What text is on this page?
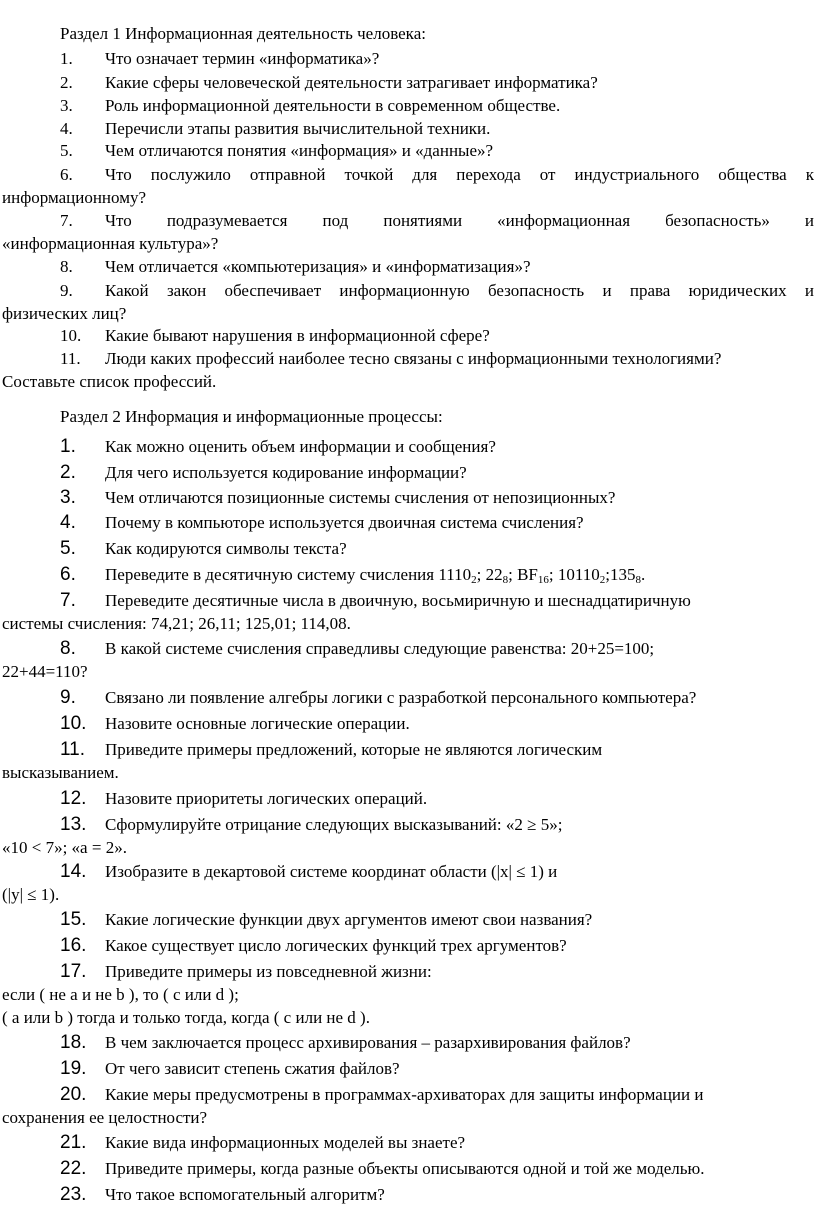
Раздел 1 Информационная деятельность человека:
1. Что означает термин «информатика»?
2. Какие сферы человеческой деятельности затрагивает информатика?
3. Роль информационной деятельности в современном обществе.
4. Перечисли этапы развития вычислительной техники.
5. Чем отличаются понятия «информация» и «данные»?
6. Что послужило отправной точкой для перехода от индустриального общества к
информационному?
7. Что подразумевается под понятиями «информационная безопасность» и
«информационная культура»?
8. Чем отличается «компьютеризация» и «информатизация»?
9. Какой закон обеспечивает информационную безопасность и права юридических и
физических лиц?
10. Какие бывают нарушения в информационной сфере?
11. Люди каких профессий наиболее тесно связаны с информационными технологиями?
Составьте список профессий.
Раздел 2 Информация и информационные процессы:
1. Как можно оценить объем информации и сообщения?
2. Для чего используется кодирование информации?
3. Чем отличаются позиционные системы счисления от непозиционных?
4. Почему в компьюторе используется двоичная система счисления?
5. Как кодируются символы текста?
6. Переведите в десятичную систему счисления $1110_2$; $22_8$; $BF_{16}$; $10110_2;135_8$.
7. Переведите десятичные числа в двоичную, восьмиричную и шеснадцатиричную
системы счисления: 74,21; 26,11; 125,01; 114,08.
8. В какой системе счисления справедливы следующие равенства: 20+25=100;
22+44=110?
9. Связано ли появление алгебры логики с разработкой персонального компьютера?
10. Назовите основные логические операции.
11. Приведите примеры предложений, которые не являются логическим
высказыванием.
12. Назовите приоритеты логических операций.
13. Сформулируйте отрицание следующих высказываний: «2 ≥ 5»;
«10 < 7»; «a = 2».
14. Изобразите в декартовой системе координат области (|x| ≤ 1) и
(|y| ≤ 1).
15. Какие логические функции двух аргументов имеют свои названия?
16. Какое существует цисло логических функций трех аргументов?
17. Приведите примеры из повседневной жизни:
если ( не a и не b ), то ( c или d );
( a или b ) тогда и только тогда, когда ( c или не d ).
18. В чем заключается процесс архивирования – разархивирования файлов?
19. От чего зависит степень сжатия файлов?
20. Какие меры предусмотрены в программах-архиваторах для защиты информации и
сохранения ее целостности?
21. Какие вида информационных моделей вы знаете?
22. Приведите примеры, когда разные объекты описываются одной и той же моделью.
23. Что такое вспомогательный алгоритм?
